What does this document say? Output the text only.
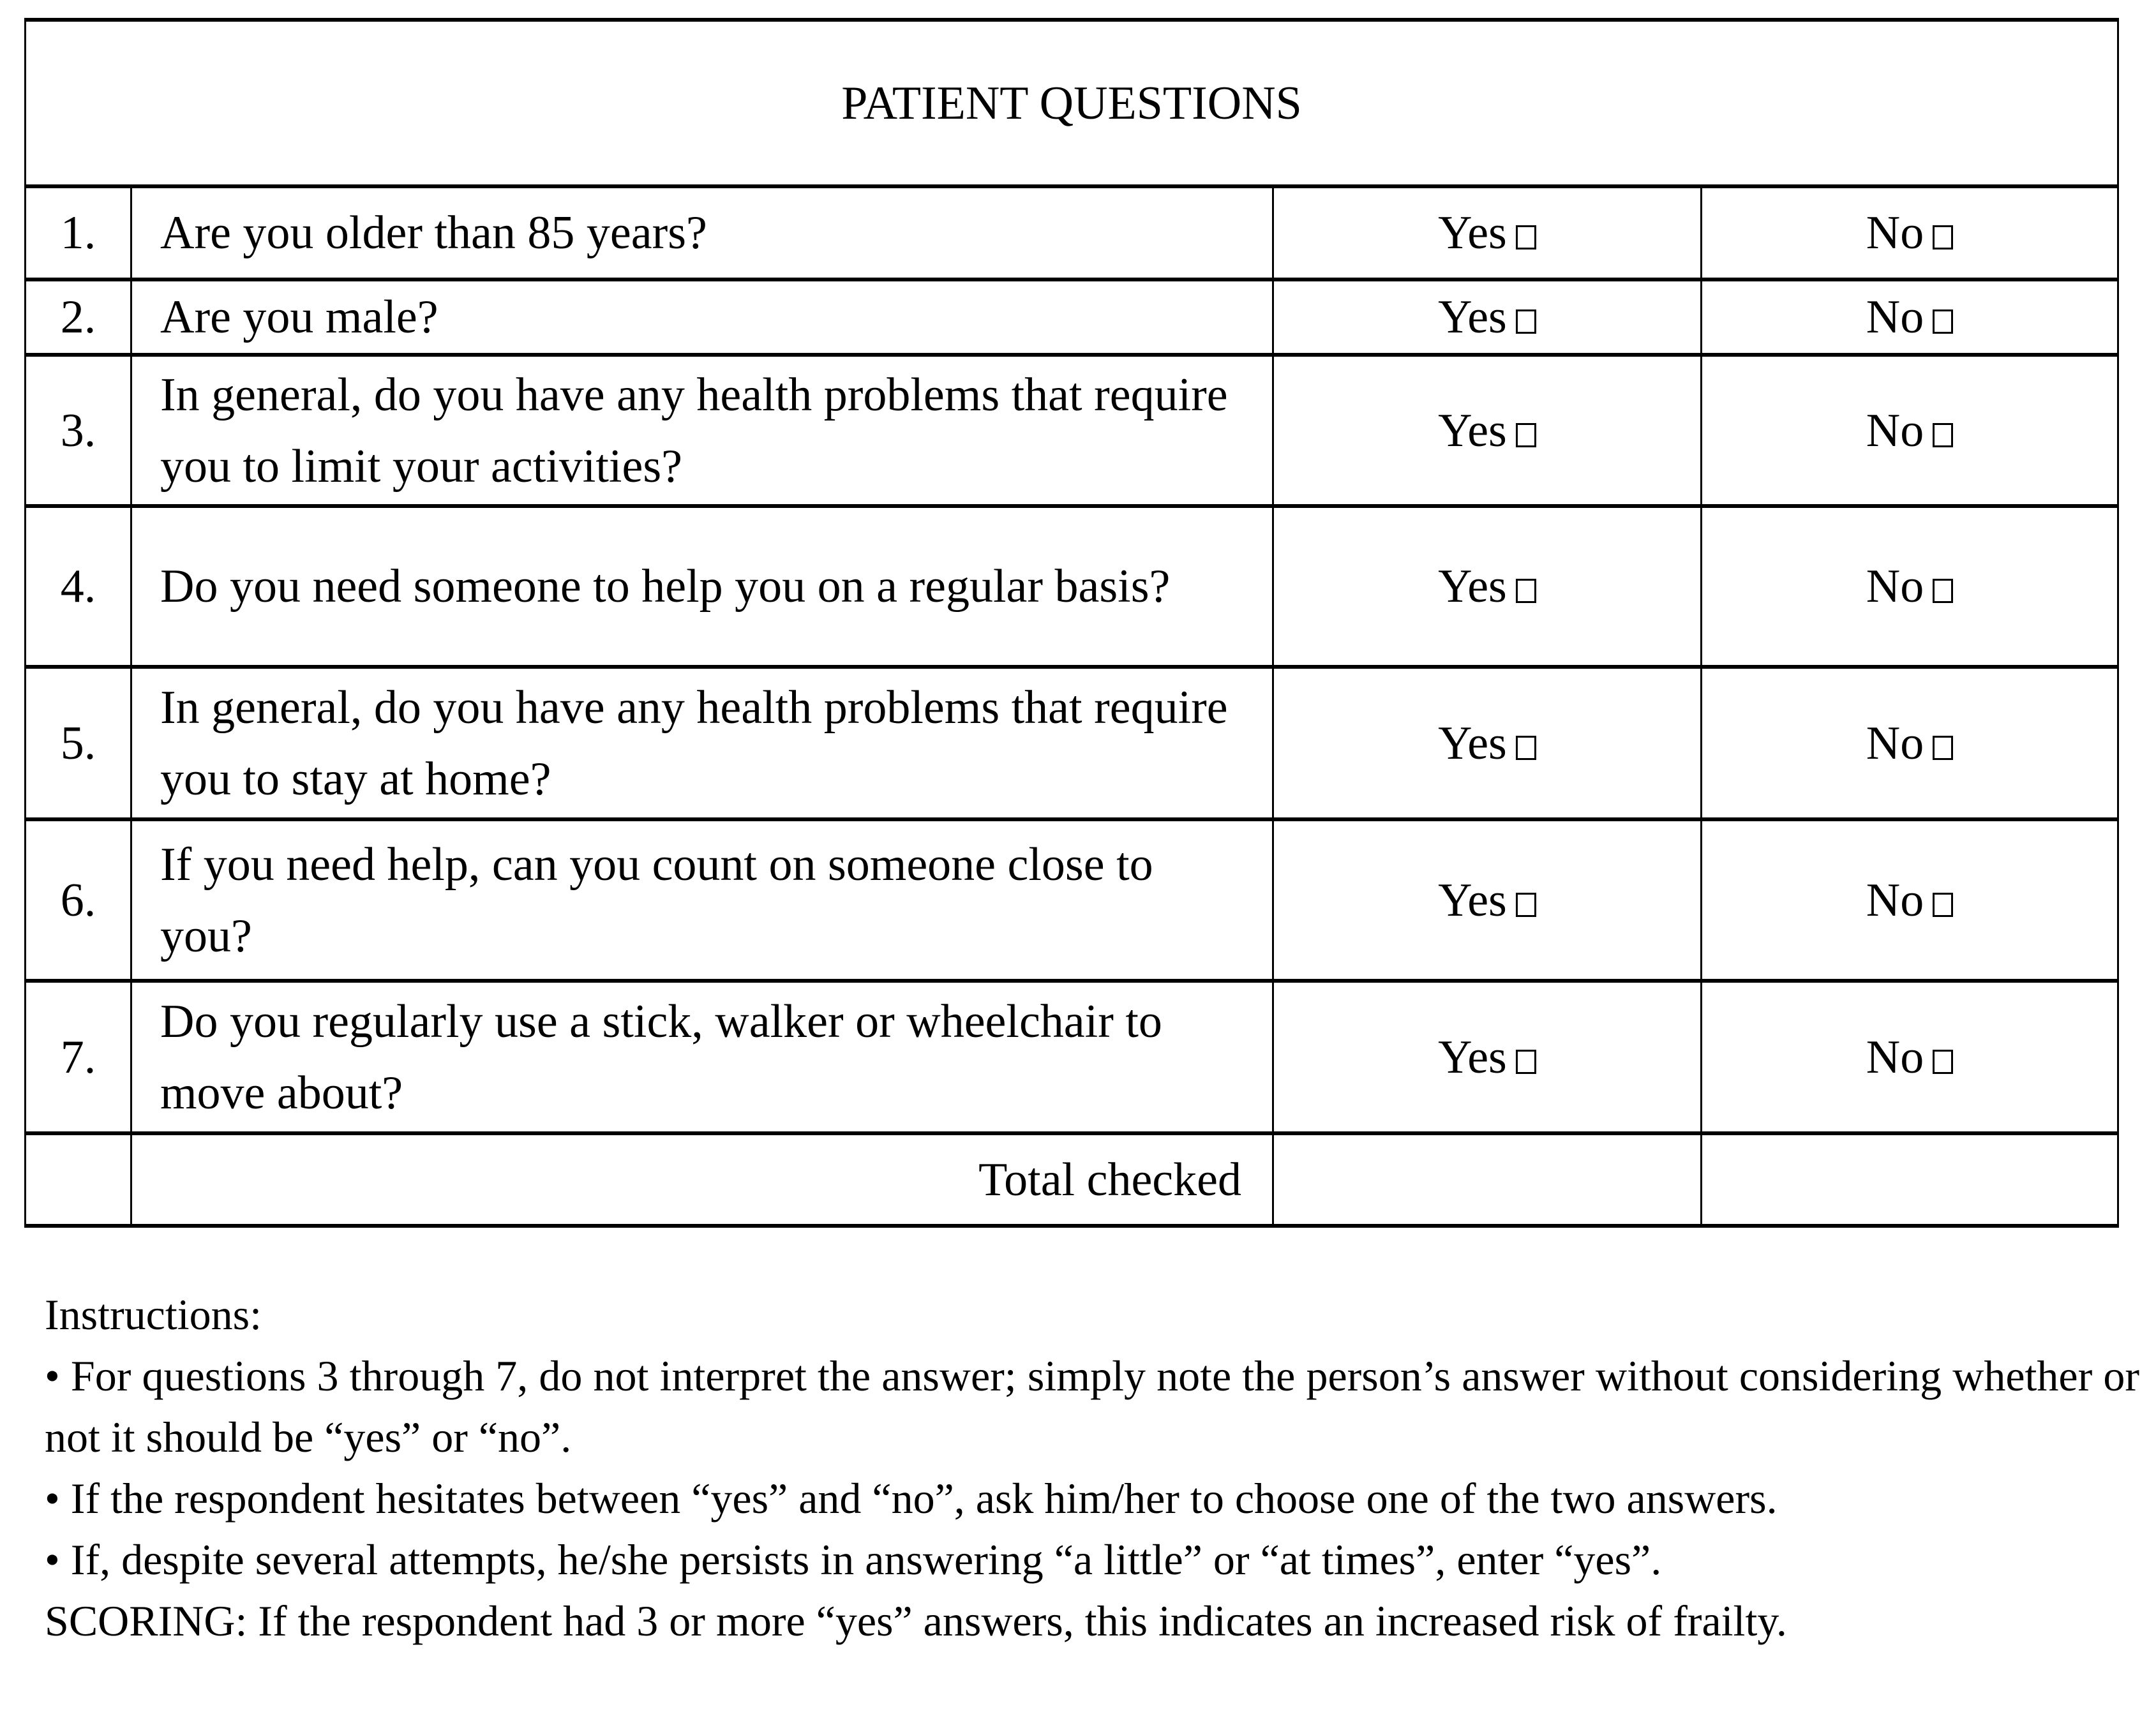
PATIENT QUESTIONS			
1.	Are you older than 85 years?	Yes	No
2.	Are you male?	Yes	No
3.	In general, do you have any health problems that require you to limit your activities?	Yes	No
4.	Do you need someone to help you on a regular basis?	Yes	No
5.	In general, do you have any health problems that require you to stay at home?	Yes	No
6.	If you need help, can you count on someone close to you?	Yes	No
7.	Do you regularly use a stick, walker or wheelchair to move about?	Yes	No
	Total checked		

Instructions:

• For questions 3 through 7, do not interpret the answer; simply note the person’s answer without considering whether or not it should be “yes” or “no”.

• If the respondent hesitates between “yes” and “no”, ask him/her to choose one of the two answers.

• If, despite several attempts, he/she persists in answering “a little” or “at times”, enter “yes”.

SCORING: If the respondent had 3 or more “yes” answers, this indicates an increased risk of frailty.
